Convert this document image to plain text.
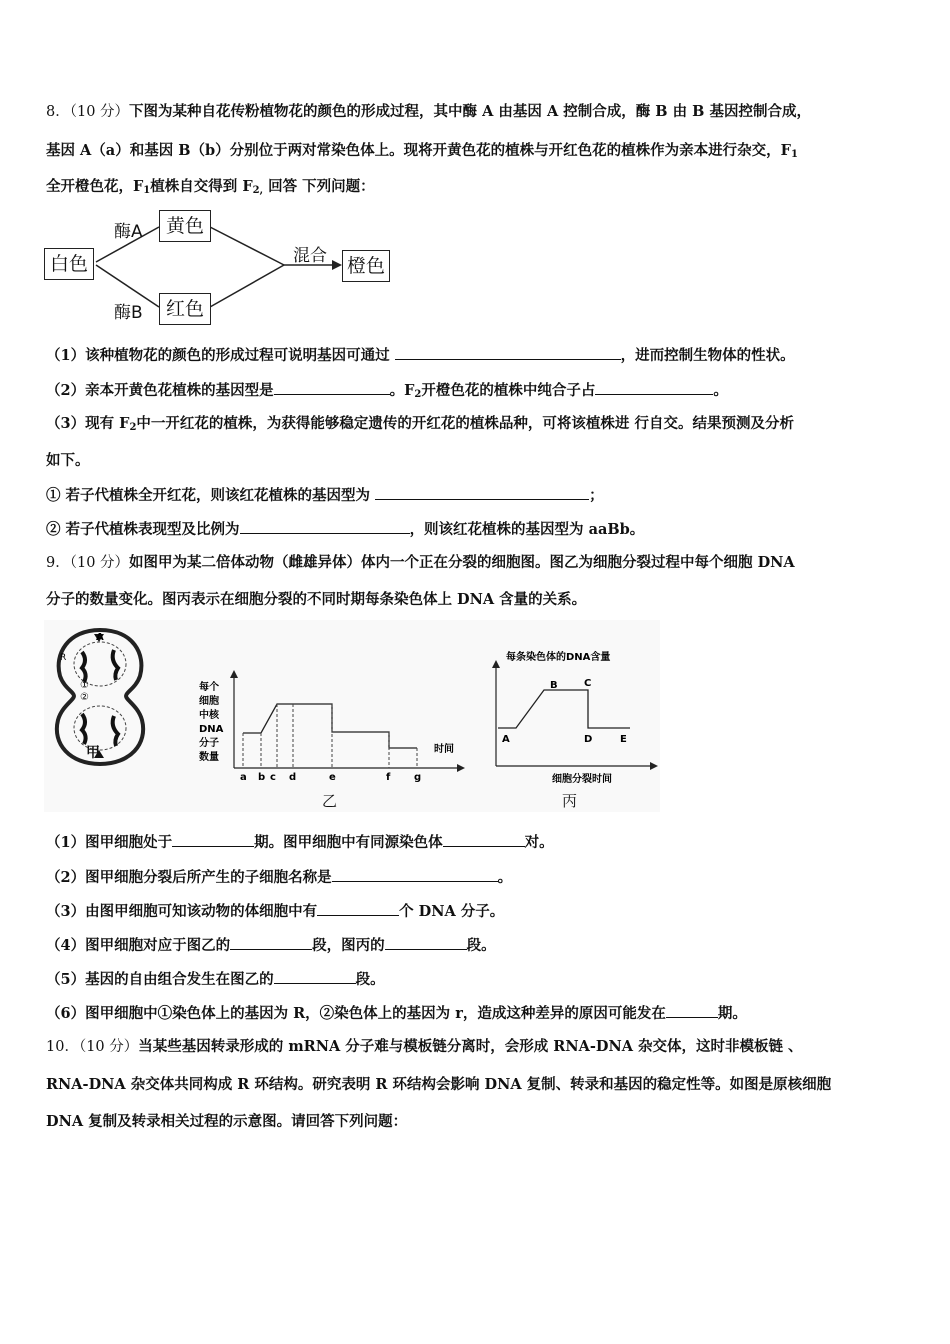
8．（10 分）下图为某种自花传粉植物花的颜色的形成过程，其中酶 A 由基因 A 控制合成，酶 B 由 B 基因控制合成，
基因 A（a）和基因 B（b）分别位于两对常染色体上。现将开黄色花的植株与开红色花的植株作为亲本进行杂交，$F_1$
全开橙色花，$F_1$植株自交得到 $F_{2,}$ 回答 下列问题：
白色
黄色
红色
橙色
酶A
酶B
混合
（1）该种植物花的颜色的形成过程可说明基因可通过	，进而控制生物体的性状。
（2）亲本开黄色花植株的基因型是	。$F_2$开橙色花的植株中纯合子占	。
（3）现有 $F_2$中一开红花的植株，为获得能够稳定遗传的开红花的植株品种，可将该植株进 行自交。结果预测及分析
如下。
① 若子代植株全开红花，则该红花植株的基因型为	；
② 若子代植株表现型及比例为	，则该红花植株的基因型为 aaBb。
9．（10 分）如图甲为某二倍体动物（雌雄异体）体内一个正在分裂的细胞图。图乙为细胞分裂过程中每个细胞 DNA
分子的数量变化。图丙表示在细胞分裂的不同时期每条染色体上 DNA 含量的关系。
A
R
①
②
甲
每个
细胞
中核
DNA
分子
数量
时间
a b c d	e	f g
乙
每条染色体的DNA含量
A
B	C
D	E
细胞分裂时间
丙
（1）图甲细胞处于	期。图甲细胞中有同源染色体	对。
（2）图甲细胞分裂后所产生的子细胞名称是	。
（3）由图甲细胞可知该动物的体细胞中有	个 DNA 分子。
（4）图甲细胞对应于图乙的	段，图丙的	段。
（5）基因的自由组合发生在图乙的	段。
（6）图甲细胞中①染色体上的基因为 R，②染色体上的基因为 r，造成这种差异的原因可能发在	期。
10．（10 分）当某些基因转录形成的 mRNA 分子难与模板链分离时，会形成 RNA-DNA 杂交体，这时非模板链 、
RNA-DNA 杂交体共同构成 R 环结构。研究表明 R 环结构会影响 DNA 复制、转录和基因的稳定性等。如图是原核细胞
DNA 复制及转录相关过程的示意图。请回答下列问题：
